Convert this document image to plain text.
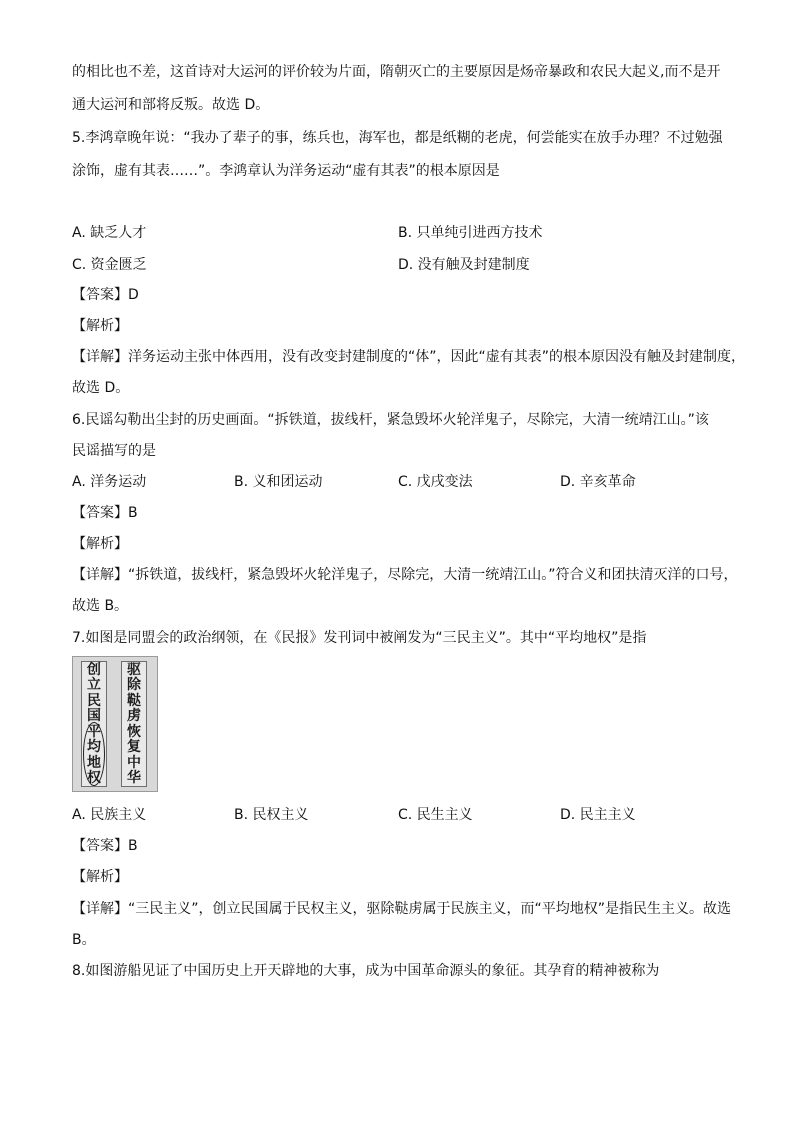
的相比也不差，这首诗对大运河的评价较为片面，隋朝灭亡的主要原因是炀帝暴政和农民大起义,而不是开
通大运河和部将反叛。故选 D。
5.李鸿章晚年说：“我办了辈子的事，练兵也，海军也，都是纸糊的老虎，何尝能实在放手办理？不过勉强
涂饰，虚有其表……”。李鸿章认为洋务运动“虚有其表”的根本原因是
A. 缺乏人才	B. 只单纯引进西方技术
C. 资金匮乏	D. 没有触及封建制度
【答案】D
【解析】
【详解】洋务运动主张中体西用，没有改变封建制度的“体”，因此“虚有其表”的根本原因没有触及封建制度，
故选 D。
6.民谣勾勒出尘封的历史画面。“拆铁道，拔线杆，紧急毁坏火轮洋鬼子，尽除完，大清一统靖江山。”该
民谣描写的是
A. 洋务运动	B. 义和团运动	C. 戊戌变法	D. 辛亥革命
【答案】B
【解析】
【详解】“拆铁道，拔线杆，紧急毁坏火轮洋鬼子，尽除完，大清一统靖江山。”符合义和团扶清灭洋的口号，
故选 B。
7.如图是同盟会的政治纲领，在《民报》发刊词中被阐发为“三民主义”。其中“平均地权”是指
创
立
民
国
平
均
地
权
驱
除
鞑
虏
恢
复
中
华
A. 民族主义	B. 民权主义	C. 民生主义	D. 民主主义
【答案】B
【解析】
【详解】“三民主义”，创立民国属于民权主义，驱除鞑虏属于民族主义，而“平均地权”是指民生主义。故选
B。
8.如图游船见证了中国历史上开天辟地的大事，成为中国革命源头的象征。其孕育的精神被称为
